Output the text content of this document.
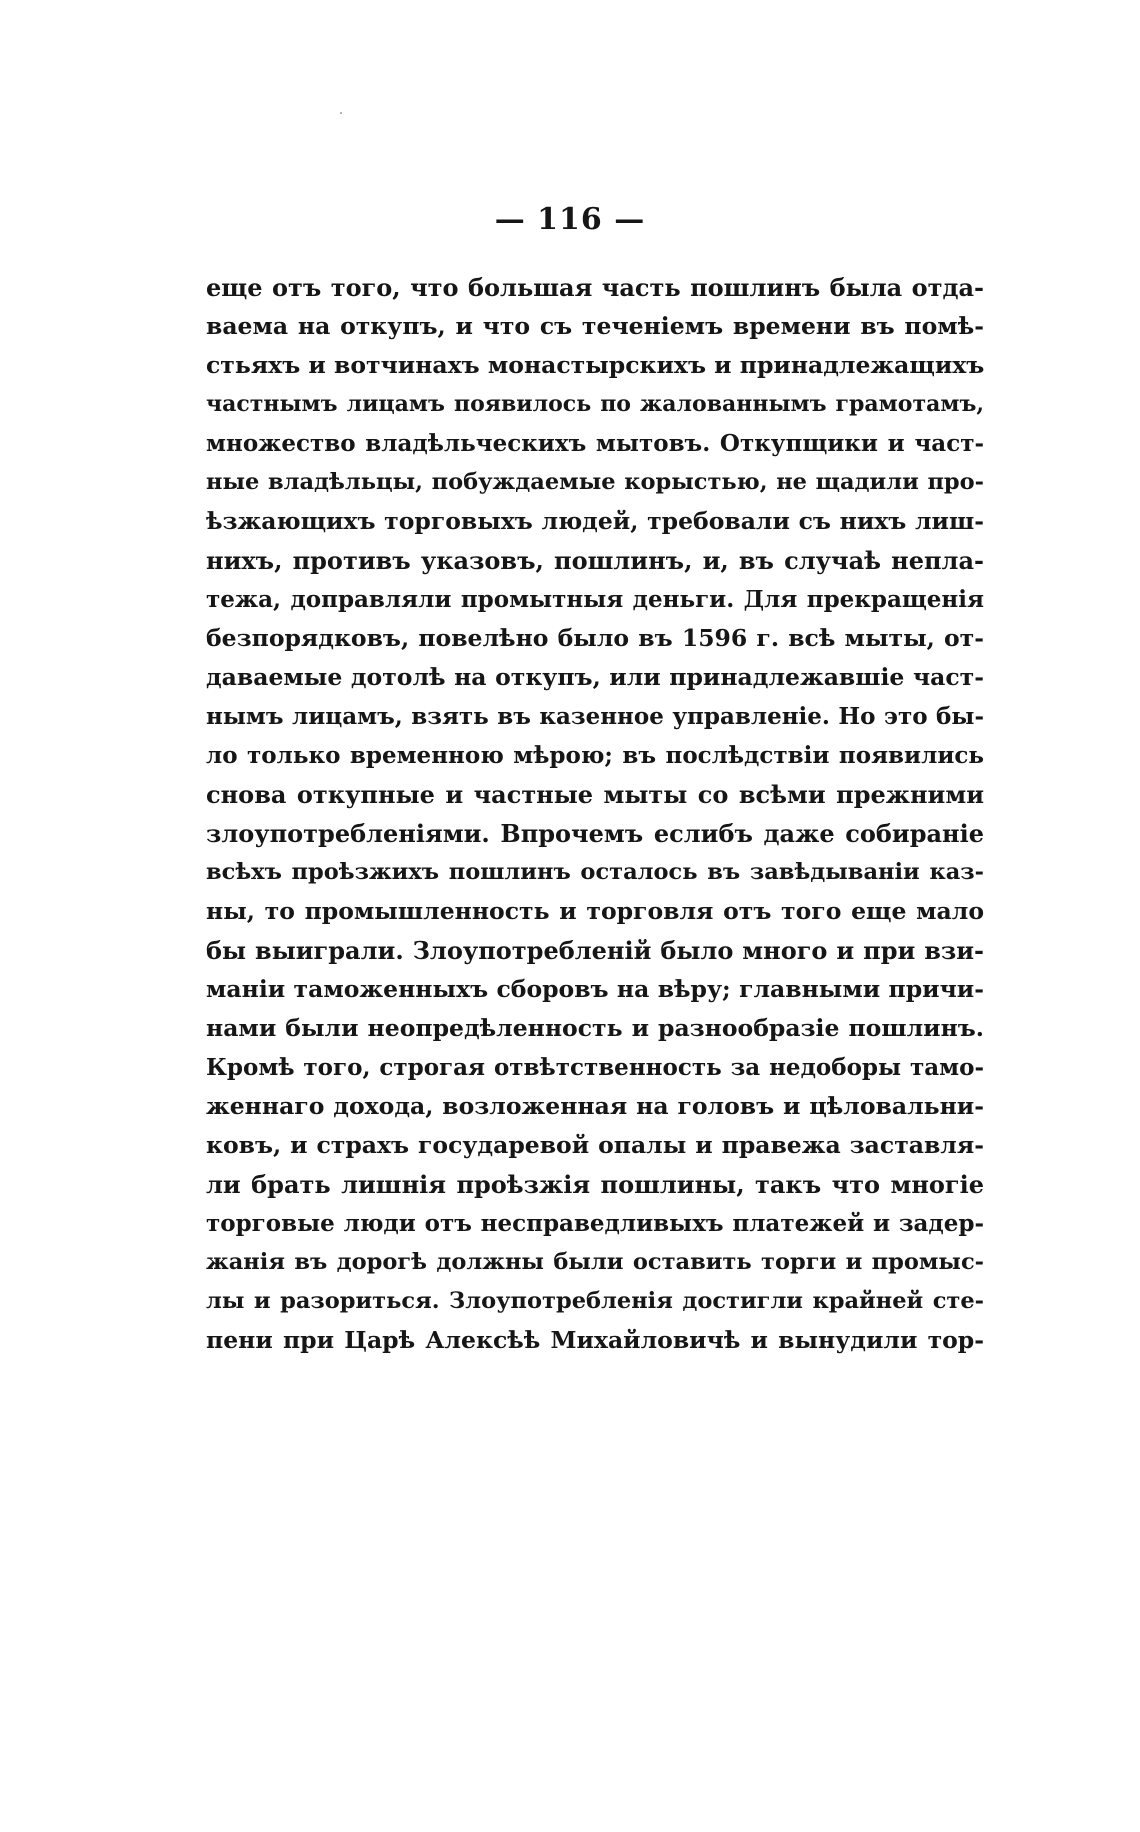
— 116 —
еще отъ того, что большая часть пошлинъ была отда-
ваема на откупъ, и что съ теченіемъ времени въ помѣ-
стьяхъ и вотчинахъ монастырскихъ и принадлежащихъ
частнымъ лицамъ появилось по жалованнымъ грамотамъ,
множество владѣльческихъ мытовъ. Откупщики и част-
ные владѣльцы, побуждаемые корыстью, не щадили про-
ѣзжающихъ торговыхъ людей, требовали съ нихъ лиш-
нихъ, противъ указовъ, пошлинъ, и, въ случаѣ непла-
тежа, доправляли промытныя деньги. Для прекращенія
безпорядковъ, повелѣно было въ 1596 г. всѣ мыты, от-
даваемые дотолѣ на откупъ, или принадлежавшіе част-
нымъ лицамъ, взять въ казенное управленіе. Но это бы-
ло только временною мѣрою; въ послѣдствіи появились
снова откупные и частные мыты со всѣми прежними
злоупотребленіями. Впрочемъ еслибъ даже собираніе
всѣхъ проѣзжихъ пошлинъ осталось въ завѣдываніи каз-
ны, то промышленность и торговля отъ того еще мало
бы выиграли. Злоупотребленій было много и при взи-
маніи таможенныхъ сборовъ на вѣру; главными причи-
нами были неопредѣленность и разнообразіе пошлинъ.
Кромѣ того, строгая отвѣтственность за недоборы тамо-
женнаго дохода, возложенная на головъ и цѣловальни-
ковъ, и страхъ государевой опалы и правежа заставля-
ли брать лишнія проѣзжія пошлины, такъ что многіе
торговые люди отъ несправедливыхъ платежей и задер-
жанія въ дорогѣ должны были оставить торги и промыс-
лы и разориться. Злоупотребленія достигли крайней сте-
пени при Царѣ Алексѣѣ Михайловичѣ и вынудили тор-
